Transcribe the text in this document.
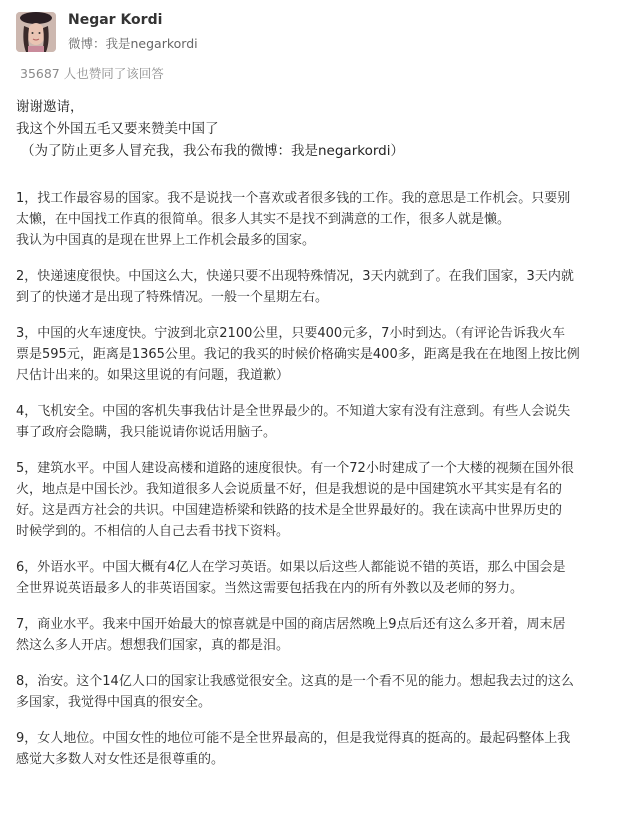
Negar Kordi
微博：我是negarkordi
35687 人也赞同了该回答

谢谢邀请，

我这个外国五毛又要来赞美中国了

（为了防止更多人冒充我，我公布我的微博：我是negarkordi）

1，找工作最容易的国家。我不是说找一个喜欢或者很多钱的工作。我的意思是工作机会。只要别
太懒，在中国找工作真的很简单。很多人其实不是找不到满意的工作，很多人就是懒。
我认为中国真的是现在世界上工作机会最多的国家。

2，快递速度很快。中国这么大，快递只要不出现特殊情况，3天内就到了。在我们国家，3天内就
到了的快递才是出现了特殊情况。一般一个星期左右。

3，中国的火车速度快。宁波到北京2100公里，只要400元多，7小时到达。（有评论告诉我火车
票是595元，距离是1365公里。我记的我买的时候价格确实是400多，距离是我在在地图上按比例
尺估计出来的。如果这里说的有问题，我道歉）

4，飞机安全。中国的客机失事我估计是全世界最少的。不知道大家有没有注意到。有些人会说失
事了政府会隐瞒，我只能说请你说话用脑子。

5，建筑水平。中国人建设高楼和道路的速度很快。有一个72小时建成了一个大楼的视频在国外很
火，地点是中国长沙。我知道很多人会说质量不好，但是我想说的是中国建筑水平其实是有名的
好。这是西方社会的共识。中国建造桥梁和铁路的技术是全世界最好的。我在读高中世界历史的
时候学到的。不相信的人自己去看书找下资料。

6，外语水平。中国大概有4亿人在学习英语。如果以后这些人都能说不错的英语，那么中国会是
全世界说英语最多人的非英语国家。当然这需要包括我在内的所有外教以及老师的努力。

7，商业水平。我来中国开始最大的惊喜就是中国的商店居然晚上9点后还有这么多开着，周末居
然这么多人开店。想想我们国家，真的都是泪。

8，治安。这个14亿人口的国家让我感觉很安全。这真的是一个看不见的能力。想起我去过的这么
多国家，我觉得中国真的很安全。

9，女人地位。中国女性的地位可能不是全世界最高的，但是我觉得真的挺高的。最起码整体上我
感觉大多数人对女性还是很尊重的。
